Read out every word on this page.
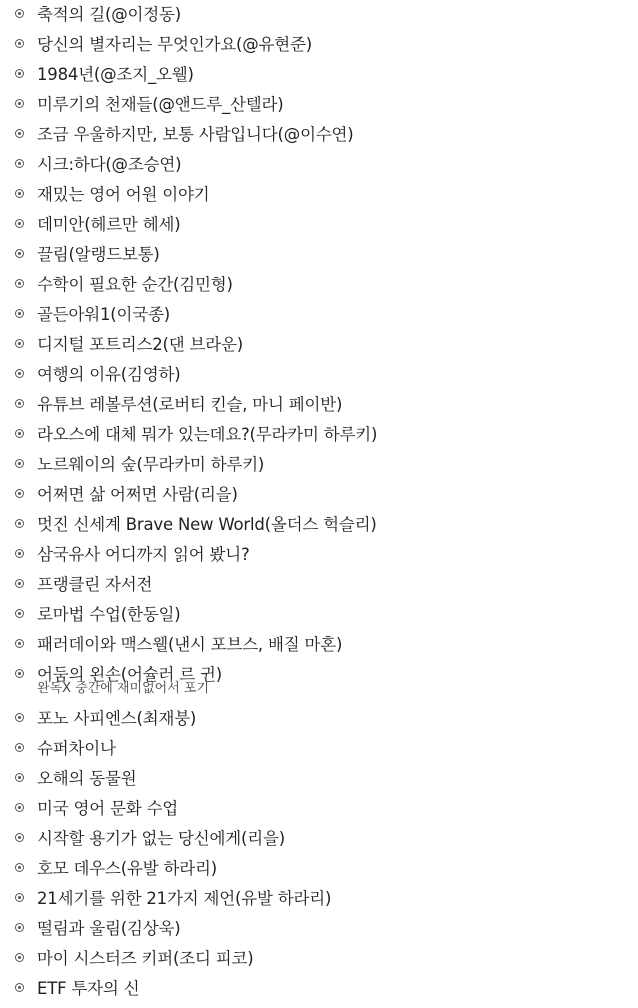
축적의 길(@이정동)
당신의 별자리는 무엇인가요(@유현준)
1984년(@조지_오웰)
미루기의 천재들(@앤드루_산텔라)
조금 우울하지만, 보통 사람입니다(@이수연)
시크:하다(@조승연)
재밌는 영어 어원 이야기
데미안(헤르만 헤세)
끌림(알랭드보통)
수학이 필요한 순간(김민형)
골든아워1(이국종)
디지털 포트리스2(댄 브라운)
여행의 이유(김영하)
유튜브 레볼루션(로버티 킨슬, 마니 페이반)
라오스에 대체 뭐가 있는데요?(무라카미 하루키)
노르웨이의 숲(무라카미 하루키)
어쩌면 삶 어쩌면 사람(리을)
멋진 신세계 Brave New World(올더스 헉슬리)
삼국유사 어디까지 읽어 봤니?
프랭클린 자서전
로마법 수업(한동일)
패러데이와 맥스웰(낸시 포브스, 배질 마혼)
어둠의 왼손(어슐러 르 귄)
완독X 중간에 재미없어서 포기
포노 사피엔스(최재붕)
슈퍼차이나
오해의 동물원
미국 영어 문화 수업
시작할 용기가 없는 당신에게(리을)
호모 데우스(유발 하라리)
21세기를 위한 21가지 제언(유발 하라리)
떨림과 울림(김상욱)
마이 시스터즈 키퍼(조디 피코)
ETF 투자의 신
